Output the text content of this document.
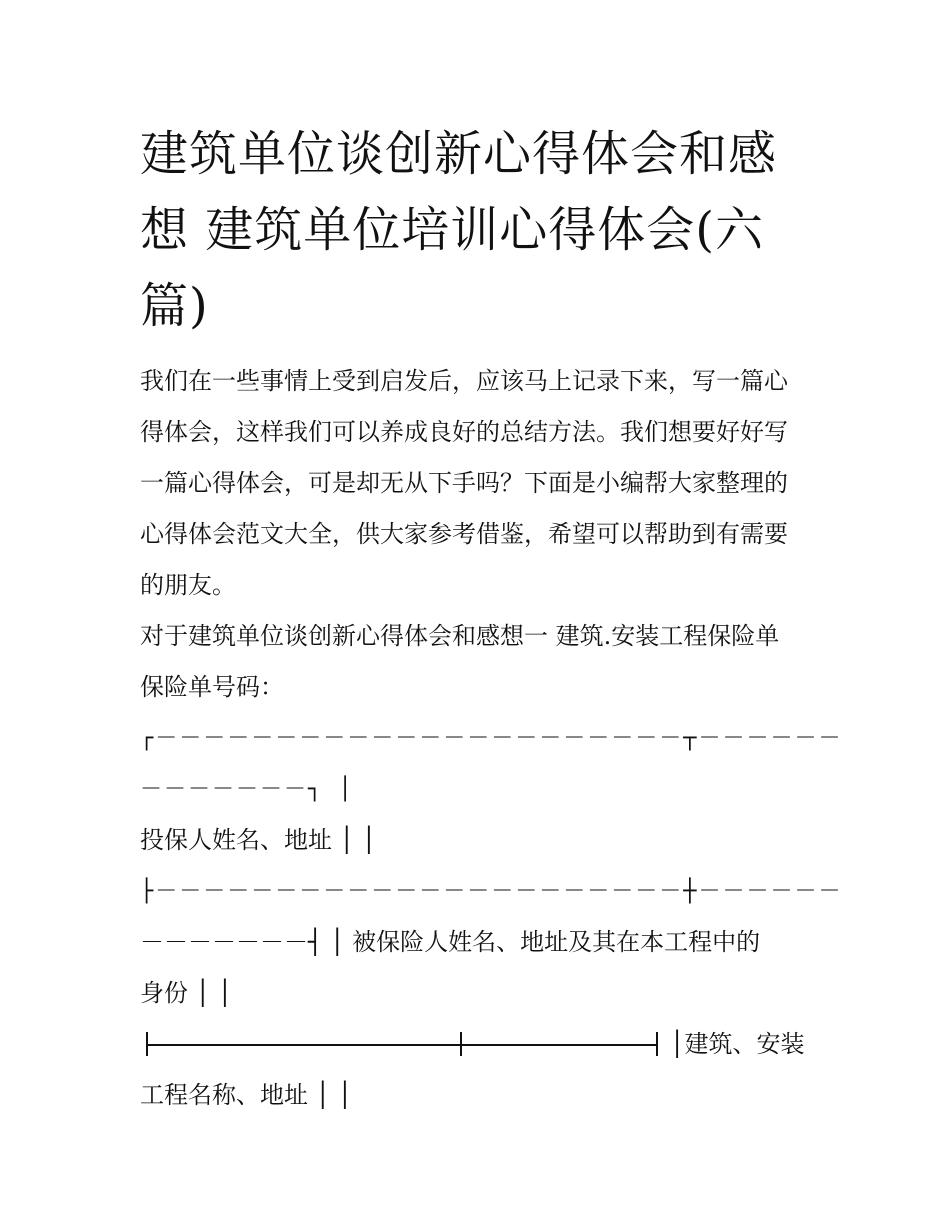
建筑单位谈创新心得体会和感
想 建筑单位培训心得体会(六
篇)
我们在一些事情上受到启发后，应该马上记录下来，写一篇心
得体会，这样我们可以养成良好的总结方法。我们想要好好写
一篇心得体会，可是却无从下手吗？下面是小编帮大家整理的
心得体会范文大全，供大家参考借鉴，希望可以帮助到有需要
的朋友。
对于建筑单位谈创新心得体会和感想一 建筑.安装工程保险单
保险单号码：
┌－－－－－－－－－－－－－－－－－－－－－－┬－－－－－－
－－－－－－－┐ │
投保人姓名、地址 │ │
├－－－－－－－－－－－－－－－－－－－－－－┼－－－－－－
－－－－－－－┤ │ 被保险人姓名、地址及其在本工程中的
身份 │ │
│建筑、安装
工程名称、地址 │ │
